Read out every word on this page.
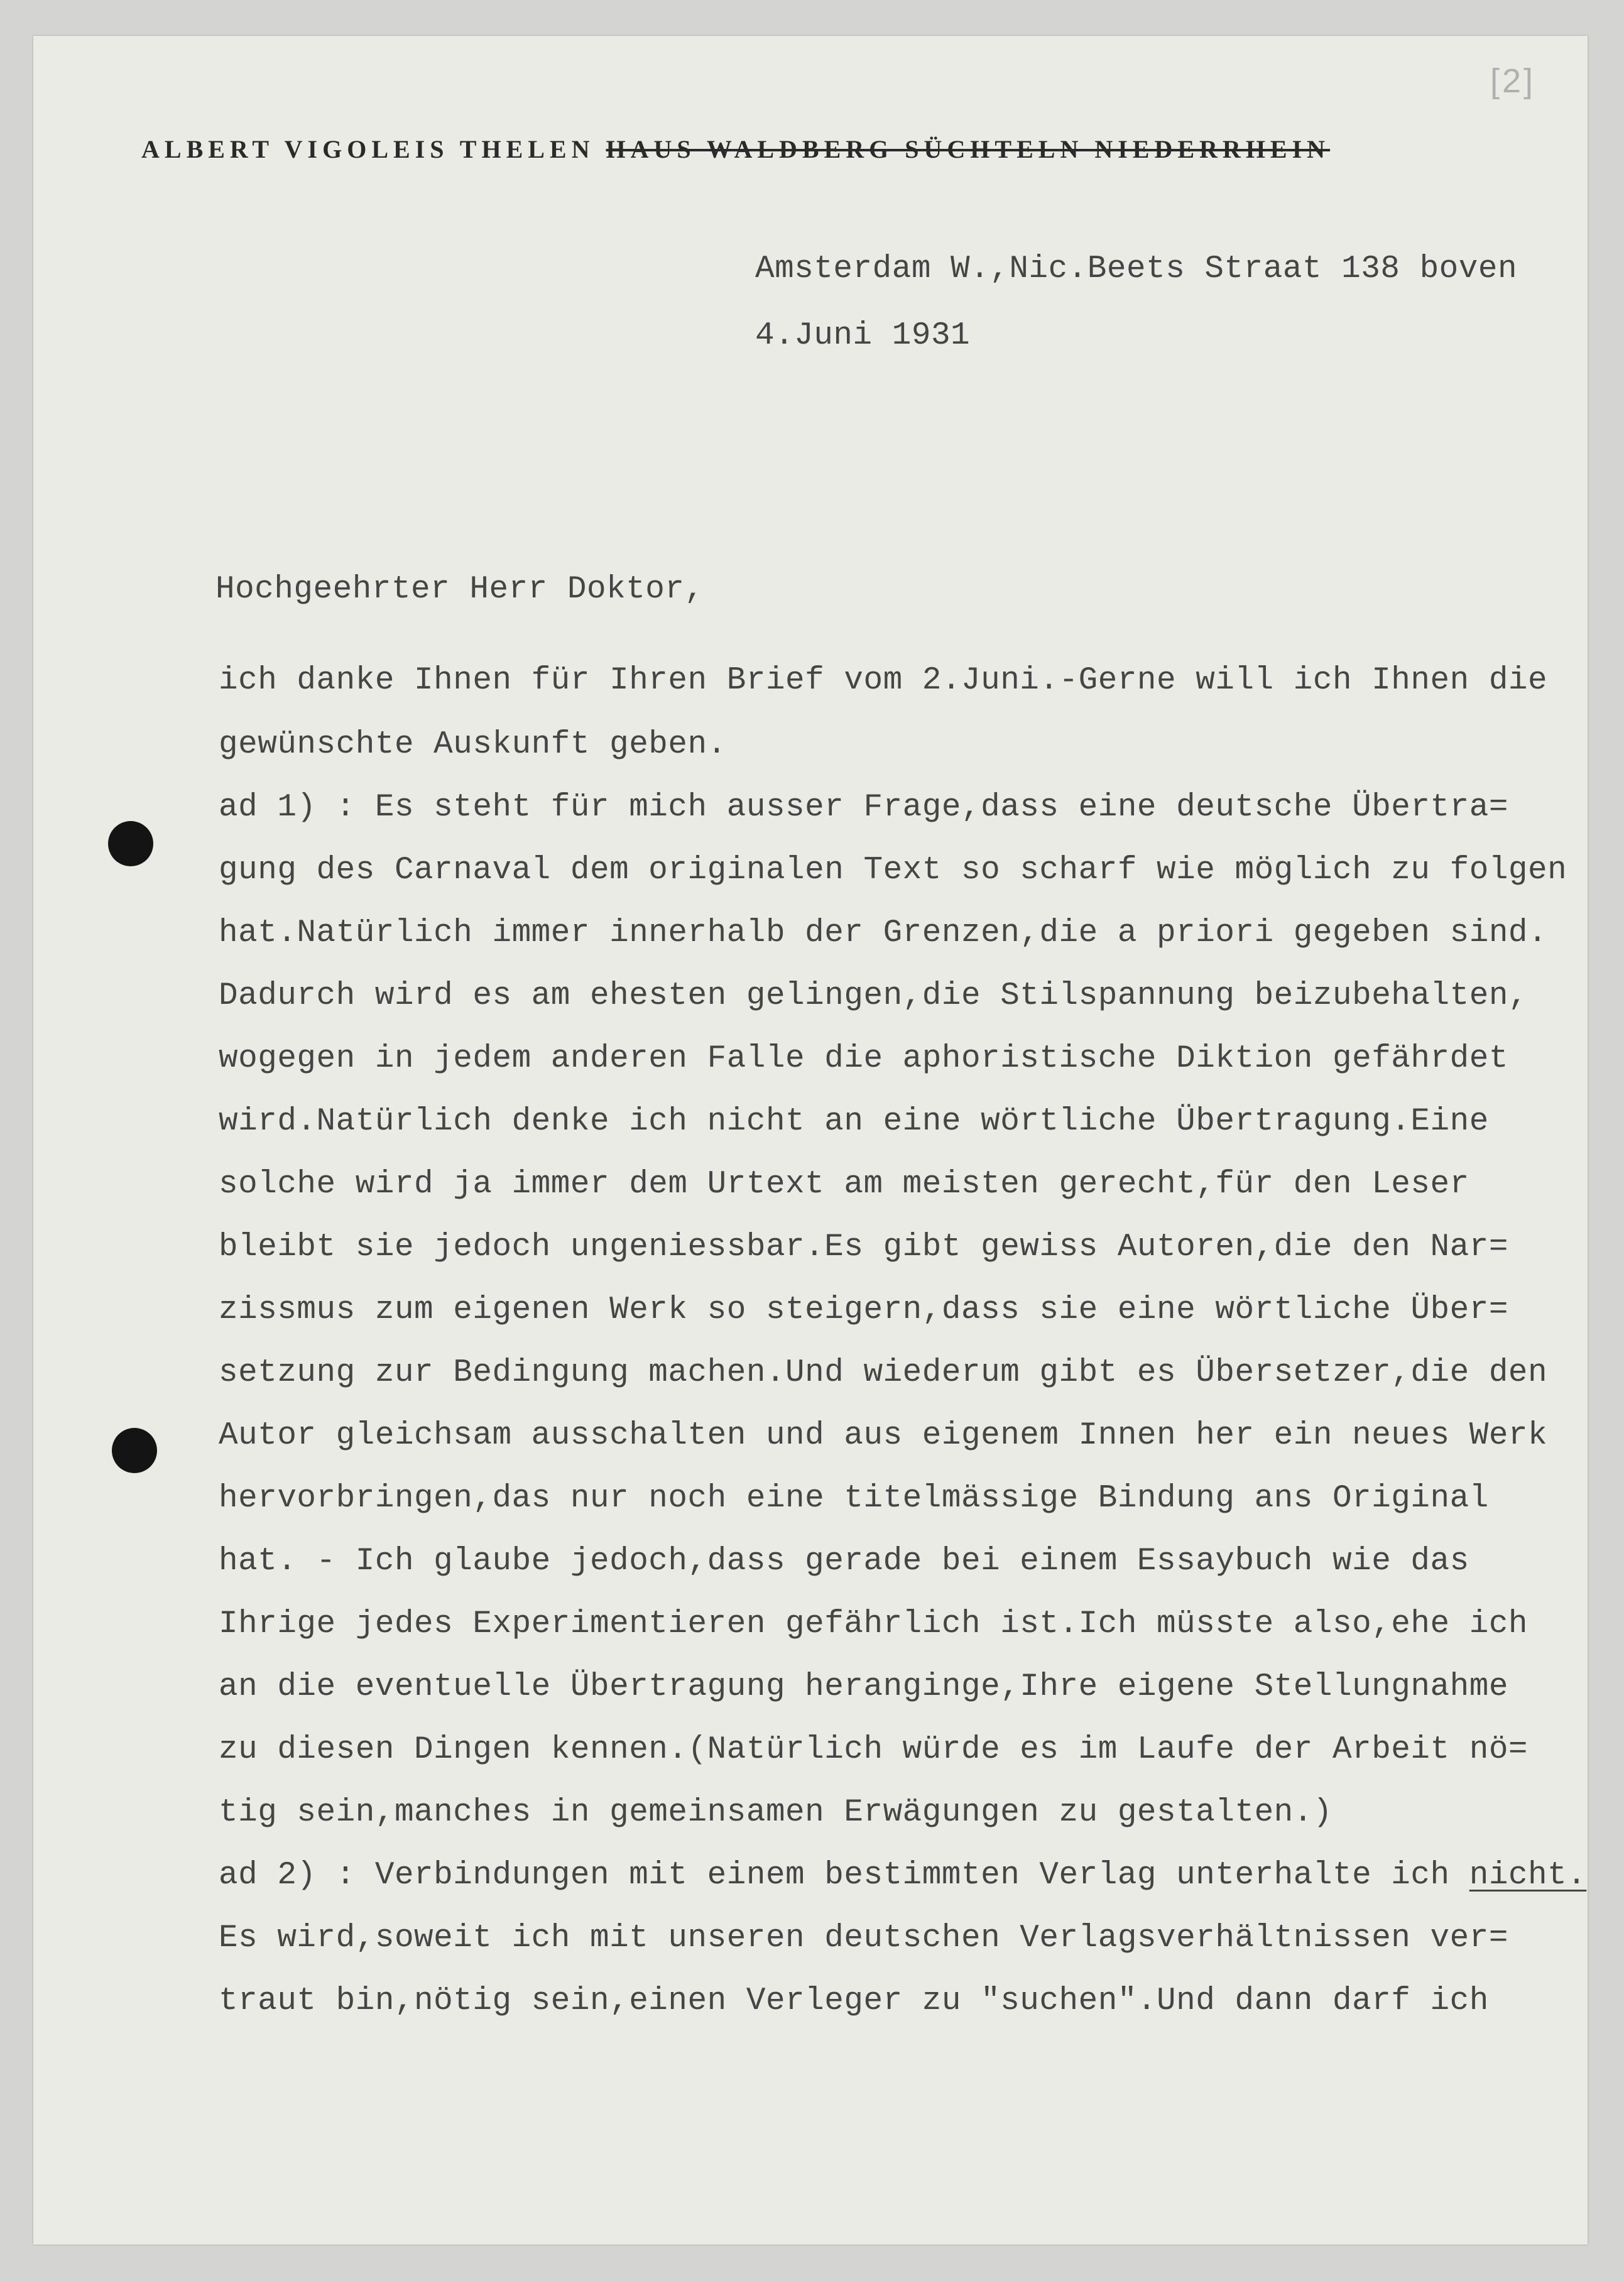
[2]
ALBERT VIGOLEIS THELEN HAUS WALDBERG SÜCHTELN NIEDERRHEIN
Amsterdam W.,Nic.Beets Straat 138 boven
4.Juni 1931
Hochgeehrter Herr Doktor,
ich danke Ihnen für Ihren Brief vom 2.Juni.-Gerne will ich Ihnen die
gewünschte Auskunft geben.
ad 1) : Es steht für mich ausser Frage,dass eine deutsche Übertra=
gung des Carnaval dem originalen Text so scharf wie möglich zu folgen
hat.Natürlich immer innerhalb der Grenzen,die a priori gegeben sind.
Dadurch wird es am ehesten gelingen,die Stilspannung beizubehalten,
wogegen in jedem anderen Falle die aphoristische Diktion gefährdet
wird.Natürlich denke ich nicht an eine wörtliche Übertragung.Eine
solche wird ja immer dem Urtext am meisten gerecht,für den Leser
bleibt sie jedoch ungeniessbar.Es gibt gewiss Autoren,die den Nar=
zissmus zum eigenen Werk so steigern,dass sie eine wörtliche Über=
setzung zur Bedingung machen.Und wiederum gibt es Übersetzer,die den
Autor gleichsam ausschalten und aus eigenem Innen her ein neues Werk
hervorbringen,das nur noch eine titelmässige Bindung ans Original
hat. - Ich glaube jedoch,dass gerade bei einem Essaybuch wie das
Ihrige jedes Experimentieren gefährlich ist.Ich müsste also,ehe ich
an die eventuelle Übertragung heranginge,Ihre eigene Stellungnahme
zu diesen Dingen kennen.(Natürlich würde es im Laufe der Arbeit nö=
tig sein,manches in gemeinsamen Erwägungen zu gestalten.)
ad 2) : Verbindungen mit einem bestimmten Verlag unterhalte ich nicht.
Es wird,soweit ich mit unseren deutschen Verlagsverhältnissen ver=
traut bin,nötig sein,einen Verleger zu "suchen".Und dann darf ich
